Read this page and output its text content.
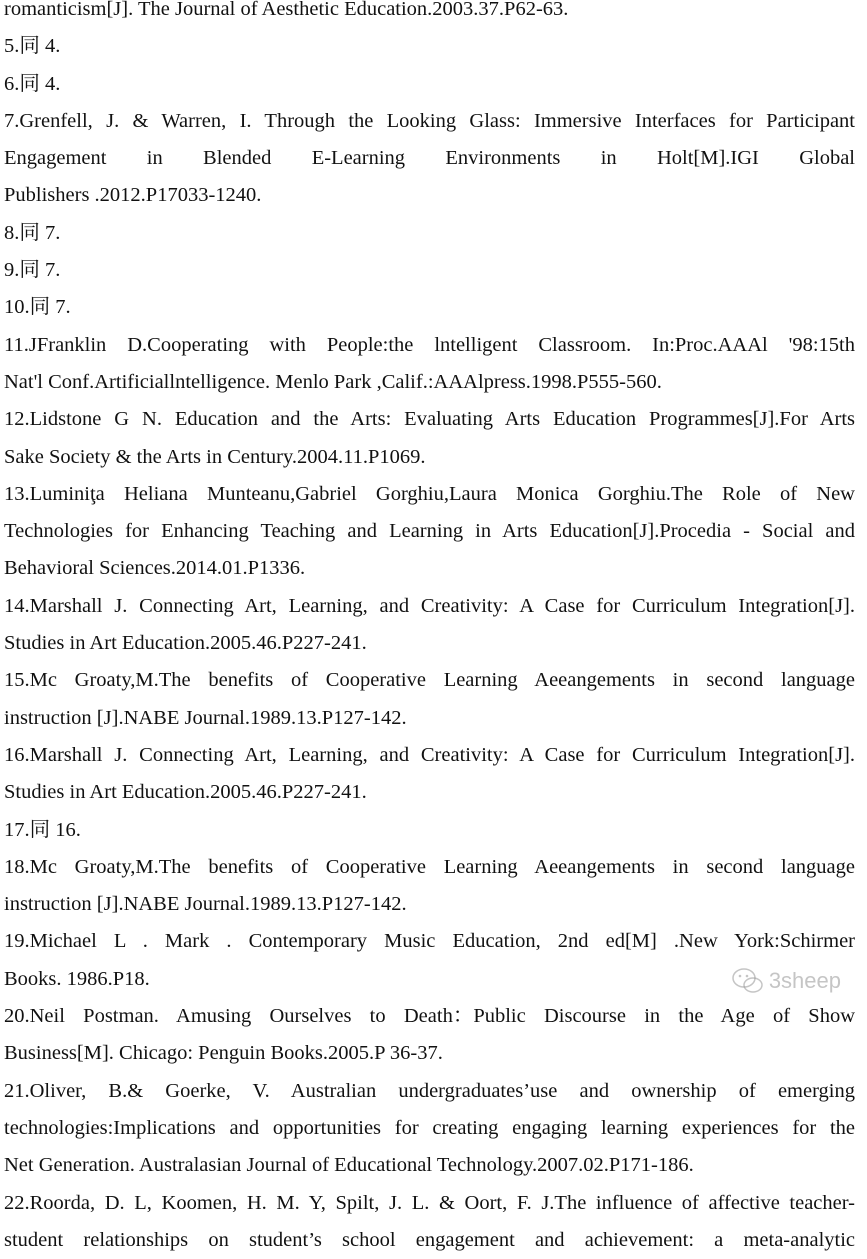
romanticism[J]. The Journal of Aesthetic Education.2003.37.P62-63.
5.同 4.
6.同 4.
7.Grenfell, J. & Warren, I. Through the Looking Glass: Immersive Interfaces for Participant
Engagement in Blended E-Learning Environments in Holt[M].IGI Global
Publishers .2012.P17033-1240.
8.同 7.
9.同 7.
10.同 7.
11.JFranklin D.Cooperating with People:the lntelligent Classroom. In:Proc.AAAl '98:15th
Nat'l Conf.Artificiallntelligence. Menlo Park ,Calif.:AAAlpress.1998.P555-560.
12.Lidstone G N. Education and the Arts: Evaluating Arts Education Programmes[J].For Arts
Sake Society & the Arts in Century.2004.11.P1069.
13.Luminiţa Heliana Munteanu,Gabriel Gorghiu,Laura Monica Gorghiu.The Role of New
Technologies for Enhancing Teaching and Learning in Arts Education[J].Procedia - Social and
Behavioral Sciences.2014.01.P1336.
14.Marshall J. Connecting Art, Learning, and Creativity: A Case for Curriculum Integration[J].
Studies in Art Education.2005.46.P227-241.
15.Mc Groaty,M.The benefits of Cooperative Learning Aeeangements in second language
instruction [J].NABE Journal.1989.13.P127-142.
16.Marshall J. Connecting Art, Learning, and Creativity: A Case for Curriculum Integration[J].
Studies in Art Education.2005.46.P227-241.
17.同 16.
18.Mc Groaty,M.The benefits of Cooperative Learning Aeeangements in second language
instruction [J].NABE Journal.1989.13.P127-142.
19.Michael L . Mark . Contemporary Music Education, 2nd ed[M] .New York:Schirmer
Books. 1986.P18.
20.Neil Postman. Amusing Ourselves to Death：Public Discourse in the Age of Show
Business[M]. Chicago: Penguin Books.2005.P 36-37.
21.Oliver, B.& Goerke, V. Australian undergraduates’use and ownership of emerging
technologies:Implications and opportunities for creating engaging learning experiences for the
Net Generation. Australasian Journal of Educational Technology.2007.02.P171-186.
22.Roorda, D. L, Koomen, H. M. Y, Spilt, J. L. & Oort, F. J.The influence of affective teacher-
student relationships on student’s school engagement and achievement: a meta-analytic
3sheep
